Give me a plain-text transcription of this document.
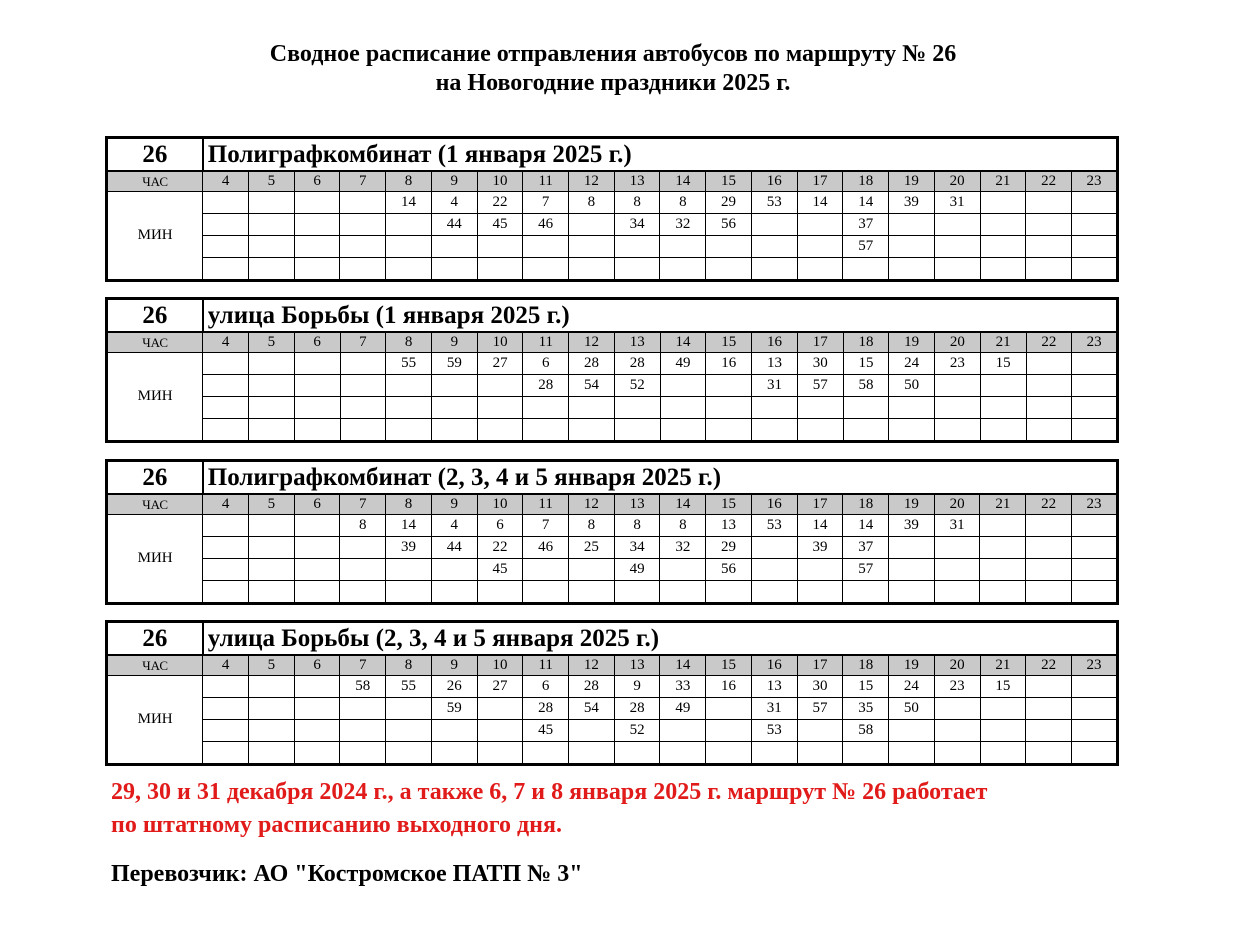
Сводное расписание отправления автобусов по маршруту № 26
на Новогодние праздники 2025 г.
26	Полиграфкомбинат (1 января 2025 г.)																			
ЧАС	4	5	6	7	8	9	10	11	12	13	14	15	16	17	18	19	20	21	22	23
МИН					14	4	22	7	8	8	8	29	53	14	14	39	31			
						44	45	46		34	32	56			37					
															57					

26	улица Борьбы (1 января 2025 г.)																			
ЧАС	4	5	6	7	8	9	10	11	12	13	14	15	16	17	18	19	20	21	22	23
МИН					55	59	27	6	28	28	49	16	13	30	15	24	23	15		
								28	54	52			31	57	58	50				

26	Полиграфкомбинат (2, 3, 4 и 5 января 2025 г.)																			
ЧАС	4	5	6	7	8	9	10	11	12	13	14	15	16	17	18	19	20	21	22	23
МИН				8	14	4	6	7	8	8	8	13	53	14	14	39	31			
					39	44	22	46	25	34	32	29		39	37					
							45			49		56			57					

26	улица Борьбы (2, 3, 4 и 5 января 2025 г.)																			
ЧАС	4	5	6	7	8	9	10	11	12	13	14	15	16	17	18	19	20	21	22	23
МИН				58	55	26	27	6	28	9	33	16	13	30	15	24	23	15		
						59		28	54	28	49		31	57	35	50				
								45		52			53		58					

29, 30 и 31 декабря 2024 г., а также 6, 7 и 8 января 2025 г. маршрут № 26 работает
по штатному расписанию выходного дня.
Перевозчик: АО "Костромское ПАТП № 3"
